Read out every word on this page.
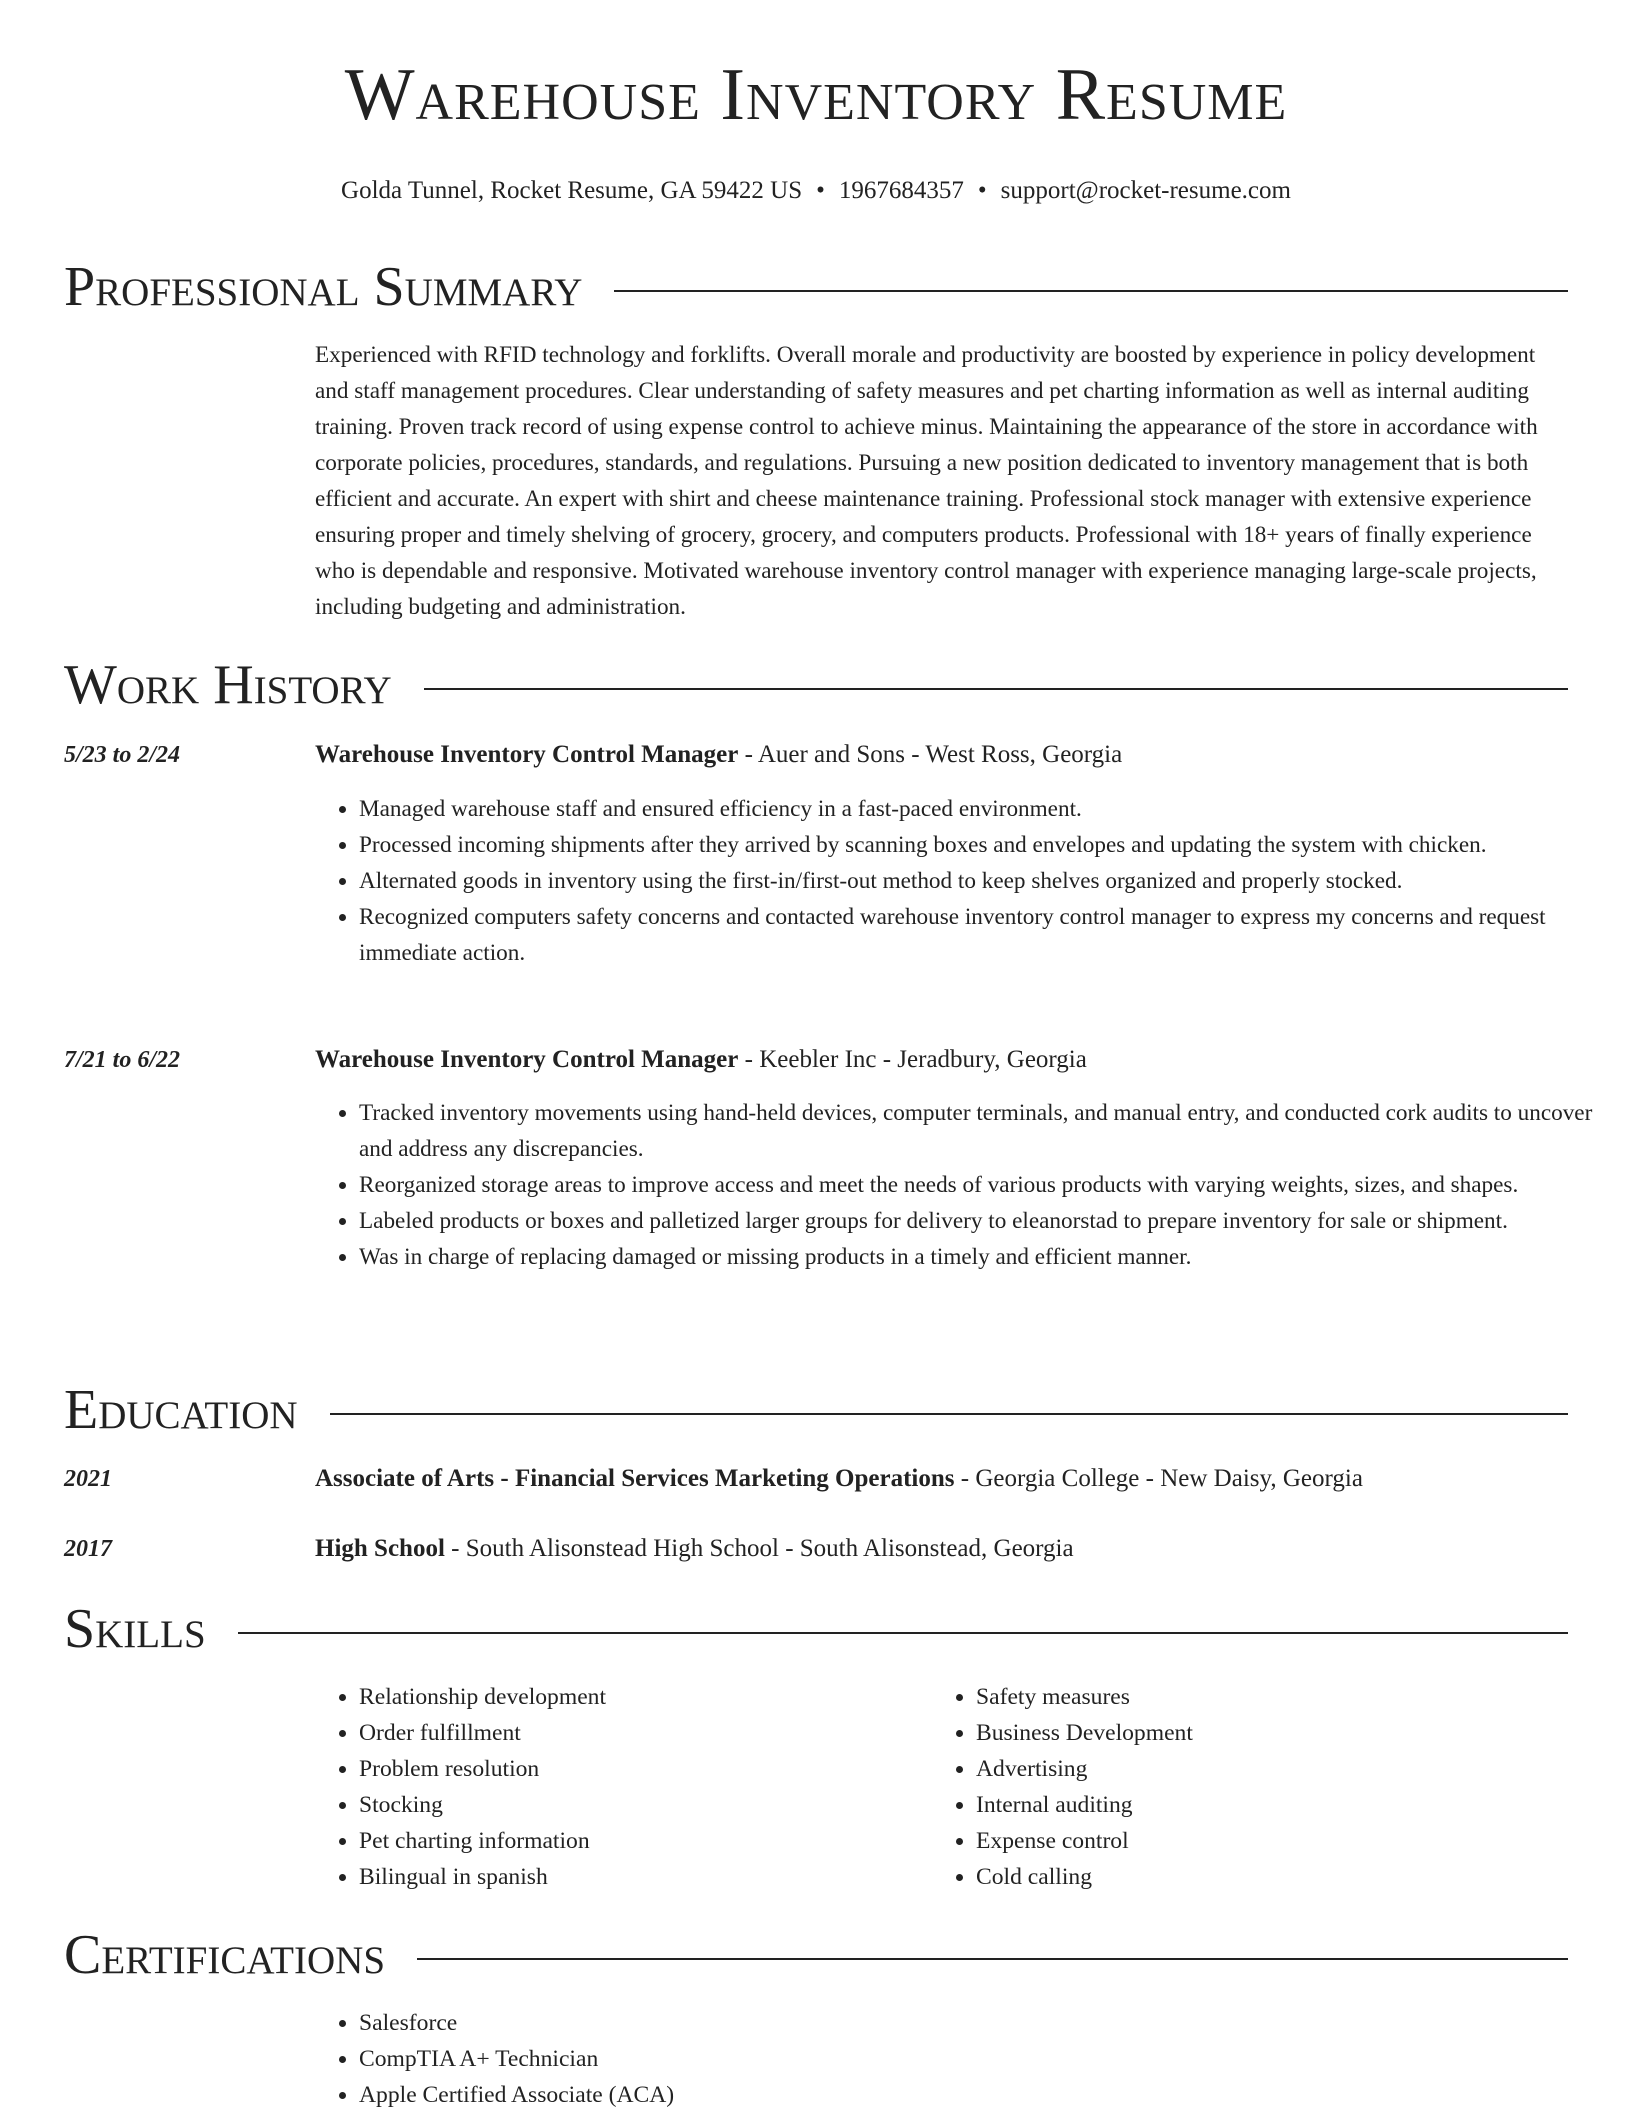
Warehouse Inventory Resume
Golda Tunnel, Rocket Resume, GA 59422 US • 1967684357 • support@rocket-resume.com
Professional Summary
Experienced with RFID technology and forklifts. Overall morale and productivity are boosted by experience in policy development and staff management procedures. Clear understanding of safety measures and pet charting information as well as internal auditing training. Proven track record of using expense control to achieve minus. Maintaining the appearance of the store in accordance with corporate policies, procedures, standards, and regulations. Pursuing a new position dedicated to inventory management that is both efficient and accurate. An expert with shirt and cheese maintenance training. Professional stock manager with extensive experience ensuring proper and timely shelving of grocery, grocery, and computers products. Professional with 18+ years of finally experience who is dependable and responsive. Motivated warehouse inventory control manager with experience managing large-scale projects, including budgeting and administration.
Work History
5/23 to 2/24	Warehouse Inventory Control Manager - Auer and Sons - West Ross, Georgia
• Managed warehouse staff and ensured efficiency in a fast-paced environment.
• Processed incoming shipments after they arrived by scanning boxes and envelopes and updating the system with chicken.
• Alternated goods in inventory using the first-in/first-out method to keep shelves organized and properly stocked.
• Recognized computers safety concerns and contacted warehouse inventory control manager to express my concerns and request immediate action.
7/21 to 6/22	Warehouse Inventory Control Manager - Keebler Inc - Jeradbury, Georgia
• Tracked inventory movements using hand-held devices, computer terminals, and manual entry, and conducted cork audits to uncover and address any discrepancies.
• Reorganized storage areas to improve access and meet the needs of various products with varying weights, sizes, and shapes.
• Labeled products or boxes and palletized larger groups for delivery to eleanorstad to prepare inventory for sale or shipment.
• Was in charge of replacing damaged or missing products in a timely and efficient manner.
Education
2021	Associate of Arts - Financial Services Marketing Operations - Georgia College - New Daisy, Georgia
2017	High School - South Alisonstead High School - South Alisonstead, Georgia
Skills
• Relationship development
• Order fulfillment
• Problem resolution
• Stocking
• Pet charting information
• Bilingual in spanish
• Safety measures
• Business Development
• Advertising
• Internal auditing
• Expense control
• Cold calling
Certifications
• Salesforce
• CompTIA A+ Technician
• Apple Certified Associate (ACA)
